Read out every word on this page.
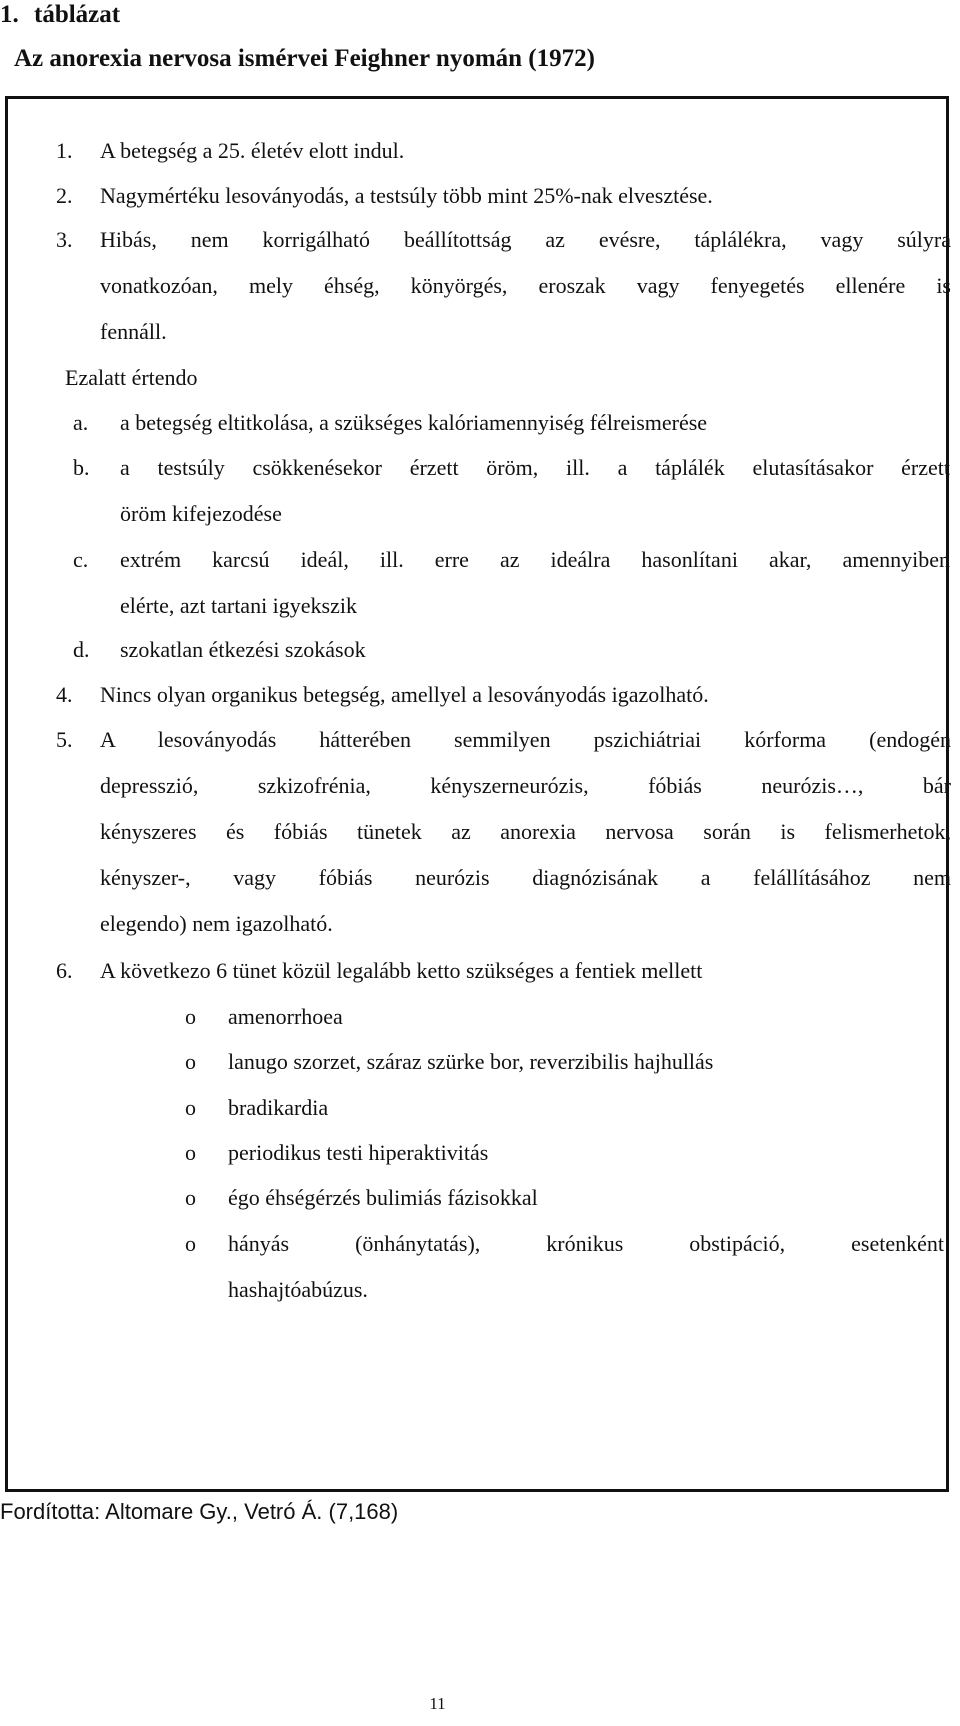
1. táblázat
Az anorexia nervosa ismérvei Feighner nyomán (1972)
1. A betegség a 25. életév elott indul.
2. Nagymértéku lesoványodás, a testsúly több mint 25%-nak elvesztése.
3. Hibás, nem korrigálható beállítottság az evésre, táplálékra, vagy súlyra
vonatkozóan, mely éhség, könyörgés, eroszak vagy fenyegetés ellenére is
fennáll.
Ezalatt értendo
a. a betegség eltitkolása, a szükséges kalóriamennyiség félreismerése
b. a testsúly csökkenésekor érzett öröm, ill. a táplálék elutasításakor érzett
öröm kifejezodése
c. extrém karcsú ideál, ill. erre az ideálra hasonlítani akar, amennyiben
elérte, azt tartani igyekszik
d. szokatlan étkezési szokások
4. Nincs olyan organikus betegség, amellyel a lesoványodás igazolható.
5. A lesoványodás hátterében semmilyen pszichiátriai kórforma (endogén
depresszió, szkizofrénia, kényszerneurózis, fóbiás neurózis…, bár
kényszeres és fóbiás tünetek az anorexia nervosa során is felismerhetok,
kényszer-, vagy fóbiás neurózis diagnózisának a felállításához nem
elegendo) nem igazolható.
6. A következo 6 tünet közül legalább ketto szükséges a fentiek mellett
o amenorrhoea
o lanugo szorzet, száraz szürke bor, reverzibilis hajhullás
o bradikardia
o periodikus testi hiperaktivitás
o égo éhségérzés bulimiás fázisokkal
o hányás (önhánytatás), krónikus obstipáció, esetenként
hashajtóabúzus.
Fordította: Altomare Gy., Vetró Á. (7,168)
11
